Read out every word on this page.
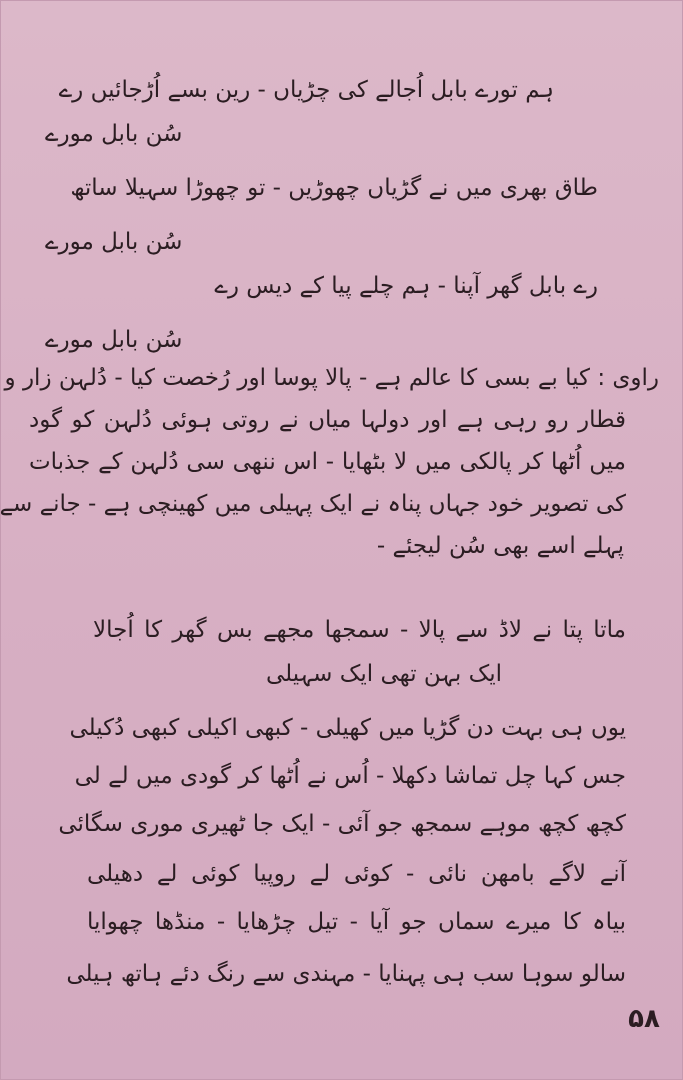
ہم تورے بابل اُجالے کی چڑیاں - رین بسے اُڑجائیں رے
سُن بابل مورے
طاق بھری میں نے گڑیاں چھوڑیں - تو چھوڑا سہیلا ساتھ
سُن بابل مورے
رے بابل گھر آپنا - ہم چلے پیا کے دیس رے
سُن بابل مورے
راوی : کیا بے بسی کا عالم ہے - پالا پوسا اور رُخصت کیا - دُلہن زار و
قطار رو رہی ہے اور دولہا میاں نے روتی ہوئی دُلہن کو گود
میں اُٹھا کر پالکی میں لا بٹھایا - اس ننھی سی دُلہن کے جذبات
کی تصویر خود جہاں پناہ نے ایک پہیلی میں کھینچی ہے - جانے سے
پہلے اسے بھی سُن لیجئے -
ماتا پتا نے لاڈ سے پالا - سمجھا مجھے بس گھر کا اُجالا
ایک بہن تھی ایک سہیلی
یوں ہی بہت دن گڑیا میں کھیلی - کبھی اکیلی کبھی دُکیلی
جس کہا چل تماشا دکھلا - اُس نے اُٹھا کر گودی میں لے لی
کچھ کچھ موہے سمجھ جو آئی - ایک جا ٹھیری موری سگائی
آنے لاگے بامھن نائی - کوئی لے روپیا کوئی لے دھیلی
بیاہ کا میرے سماں جو آیا - تیل چڑھایا - منڈھا چھوایا
سالو سوہا سب ہی پہنایا - مہندی سے رنگ دئے ہاتھ ہیلی
۵۸
